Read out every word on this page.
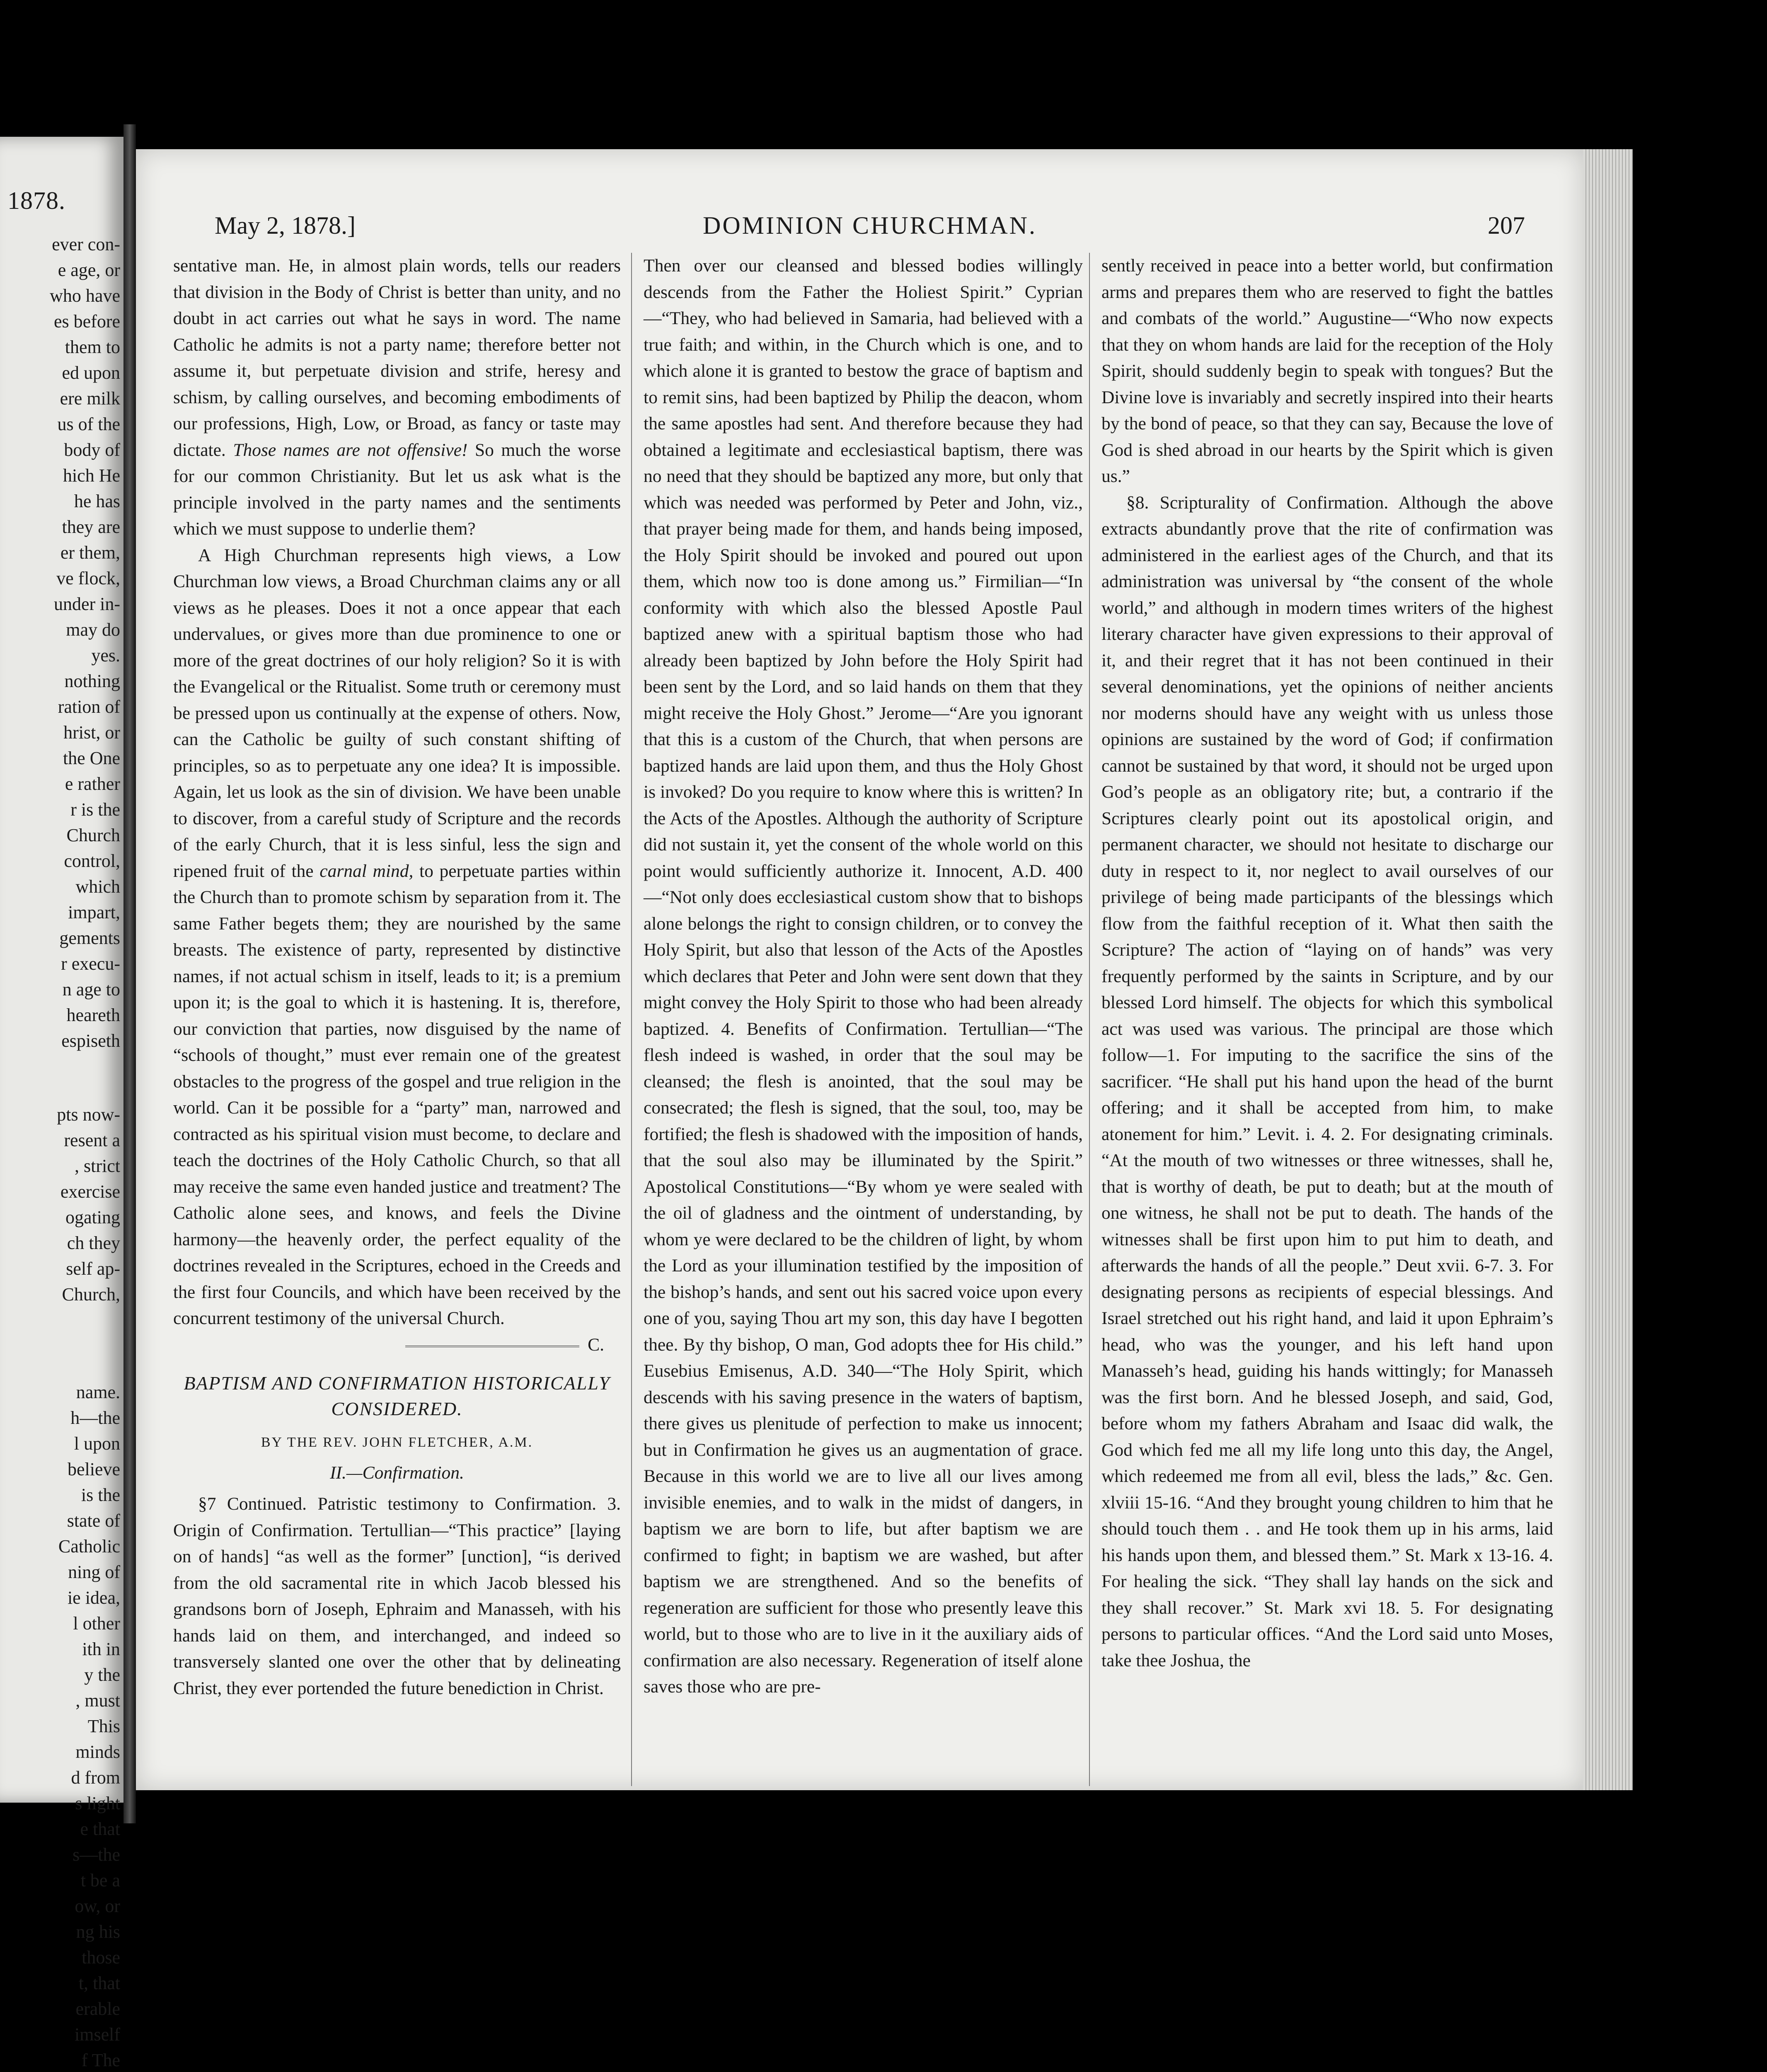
1878.
ever con-
e age, or
who have
es before
them to
ed upon
ere milk
us of the
body of
hich He
he has
they are
er them,
ve flock,
under in-
may do
yes.
nothing
ration of
hrist, or
the One
e rather
r is the
Church
control,
which
impart,
gements
r execu-
n age to
heareth
espiseth
pts now-
resent a
, strict
exercise
ogating
ch they
self ap-
Church,
name.
h—the
l upon
believe
is the
state of
Catholic
ning of
ie idea,
l other
ith in
y the
, must
This
minds
d from
s light
e that
s—the
t be a
ow, or
ng his
those
t, that
erable
imself
f The
May 2, 1878.]	DOMINION CHURCHMAN.	207

sentative man. He, in almost plain words, tells our readers that division in the Body of Christ is better than unity, and no doubt in act carries out what he says in word. The name Catholic he admits is not a party name; therefore better not assume it, but perpetuate division and strife, heresy and schism, by calling ourselves, and becoming embodiments of our professions, High, Low, or Broad, as fancy or taste may dictate. Those names are not offensive! So much the worse for our common Christianity. But let us ask what is the principle involved in the party names and the sentiments which we must suppose to underlie them?

A High Churchman represents high views, a Low Churchman low views, a Broad Churchman claims any or all views as he pleases. Does it not a once appear that each undervalues, or gives more than due prominence to one or more of the great doctrines of our holy religion? So it is with the Evangelical or the Ritualist. Some truth or ceremony must be pressed upon us continually at the expense of others. Now, can the Catholic be guilty of such constant shifting of principles, so as to perpetuate any one idea? It is impossible. Again, let us look as the sin of division. We have been unable to discover, from a careful study of Scripture and the records of the early Church, that it is less sinful, less the sign and ripened fruit of the carnal mind, to perpetuate parties within the Church than to promote schism by separation from it. The same Father begets them; they are nourished by the same breasts. The existence of party, represented by distinctive names, if not actual schism in itself, leads to it; is a premium upon it; is the goal to which it is hastening. It is, therefore, our conviction that parties, now disguised by the name of “schools of thought,” must ever remain one of the greatest obstacles to the progress of the gospel and true religion in the world. Can it be possible for a “party” man, narrowed and contracted as his spiritual vision must become, to declare and teach the doctrines of the Holy Catholic Church, so that all may receive the same even handed justice and treatment? The Catholic alone sees, and knows, and feels the Divine harmony—the heavenly order, the perfect equality of the doctrines revealed in the Scriptures, echoed in the Creeds and the first four Councils, and which have been received by the concurrent testimony of the universal Church.

C.

BAPTISM AND CONFIRMATION HISTORICALLY CONSIDERED.
BY THE REV. JOHN FLETCHER, A.M.
II.—Confirmation.

§7 Continued. Patristic testimony to Confirmation. 3. Origin of Confirmation. Tertullian—“This practice” [laying on of hands] “as well as the former” [unction], “is derived from the old sacramental rite in which Jacob blessed his grandsons born of Joseph, Ephraim and Manasseh, with his hands laid on them, and interchanged, and indeed so transversely slanted one over the other that by delineating Christ, they ever portended the future benediction in Christ.

Then over our cleansed and blessed bodies willingly descends from the Father the Holiest Spirit.” Cyprian—“They, who had believed in Samaria, had believed with a true faith; and within, in the Church which is one, and to which alone it is granted to bestow the grace of baptism and to remit sins, had been baptized by Philip the deacon, whom the same apostles had sent. And therefore because they had obtained a legitimate and ecclesiastical baptism, there was no need that they should be baptized any more, but only that which was needed was performed by Peter and John, viz., that prayer being made for them, and hands being imposed, the Holy Spirit should be invoked and poured out upon them, which now too is done among us.” Firmilian—“In conformity with which also the blessed Apostle Paul baptized anew with a spiritual baptism those who had already been baptized by John before the Holy Spirit had been sent by the Lord, and so laid hands on them that they might receive the Holy Ghost.” Jerome—“Are you ignorant that this is a custom of the Church, that when persons are baptized hands are laid upon them, and thus the Holy Ghost is invoked? Do you require to know where this is written? In the Acts of the Apostles. Although the authority of Scripture did not sustain it, yet the consent of the whole world on this point would sufficiently authorize it. Innocent, A.D. 400—“Not only does ecclesiastical custom show that to bishops alone belongs the right to consign children, or to convey the Holy Spirit, but also that lesson of the Acts of the Apostles which declares that Peter and John were sent down that they might convey the Holy Spirit to those who had been already baptized. 4. Benefits of Confirmation. Tertullian—“The flesh indeed is washed, in order that the soul may be cleansed; the flesh is anointed, that the soul may be consecrated; the flesh is signed, that the soul, too, may be fortified; the flesh is shadowed with the imposition of hands, that the soul also may be illuminated by the Spirit.” Apostolical Constitutions—“By whom ye were sealed with the oil of gladness and the ointment of understanding, by whom ye were declared to be the children of light, by whom the Lord as your illumination testified by the imposition of the bishop’s hands, and sent out his sacred voice upon every one of you, saying Thou art my son, this day have I begotten thee. By thy bishop, O man, God adopts thee for His child.” Eusebius Emisenus, A.D. 340—“The Holy Spirit, which descends with his saving presence in the waters of baptism, there gives us plenitude of perfection to make us innocent; but in Confirmation he gives us an augmentation of grace. Because in this world we are to live all our lives among invisible enemies, and to walk in the midst of dangers, in baptism we are born to life, but after baptism we are confirmed to fight; in baptism we are washed, but after baptism we are strengthened. And so the benefits of regeneration are sufficient for those who presently leave this world, but to those who are to live in it the auxiliary aids of confirmation are also necessary. Regeneration of itself alone saves those who are pre-

sently received in peace into a better world, but confirmation arms and prepares them who are reserved to fight the battles and combats of the world.” Augustine—“Who now expects that they on whom hands are laid for the reception of the Holy Spirit, should suddenly begin to speak with tongues? But the Divine love is invariably and secretly inspired into their hearts by the bond of peace, so that they can say, Because the love of God is shed abroad in our hearts by the Spirit which is given us.”

§8. Scripturality of Confirmation. Although the above extracts abundantly prove that the rite of confirmation was administered in the earliest ages of the Church, and that its administration was universal by “the consent of the whole world,” and although in modern times writers of the highest literary character have given expressions to their approval of it, and their regret that it has not been continued in their several denominations, yet the opinions of neither ancients nor moderns should have any weight with us unless those opinions are sustained by the word of God; if confirmation cannot be sustained by that word, it should not be urged upon God’s people as an obligatory rite; but, a contrario if the Scriptures clearly point out its apostolical origin, and permanent character, we should not hesitate to discharge our duty in respect to it, nor neglect to avail ourselves of our privilege of being made participants of the blessings which flow from the faithful reception of it. What then saith the Scripture? The action of “laying on of hands” was very frequently performed by the saints in Scripture, and by our blessed Lord himself. The objects for which this symbolical act was used was various. The principal are those which follow—1. For imputing to the sacrifice the sins of the sacrificer. “He shall put his hand upon the head of the burnt offering; and it shall be accepted from him, to make atonement for him.” Levit. i. 4. 2. For designating criminals. “At the mouth of two witnesses or three witnesses, shall he, that is worthy of death, be put to death; but at the mouth of one witness, he shall not be put to death. The hands of the witnesses shall be first upon him to put him to death, and afterwards the hands of all the people.” Deut xvii. 6-7. 3. For designating persons as recipients of especial blessings. And Israel stretched out his right hand, and laid it upon Ephraim’s head, who was the younger, and his left hand upon Manasseh’s head, guiding his hands wittingly; for Manasseh was the first born. And he blessed Joseph, and said, God, before whom my fathers Abraham and Isaac did walk, the God which fed me all my life long unto this day, the Angel, which redeemed me from all evil, bless the lads,” &c. Gen. xlviii 15-16. “And they brought young children to him that he should touch them . . and He took them up in his arms, laid his hands upon them, and blessed them.” St. Mark x 13-16. 4. For healing the sick. “They shall lay hands on the sick and they shall recover.” St. Mark xvi 18. 5. For designating persons to particular offices. “And the Lord said unto Moses, take thee Joshua, the
